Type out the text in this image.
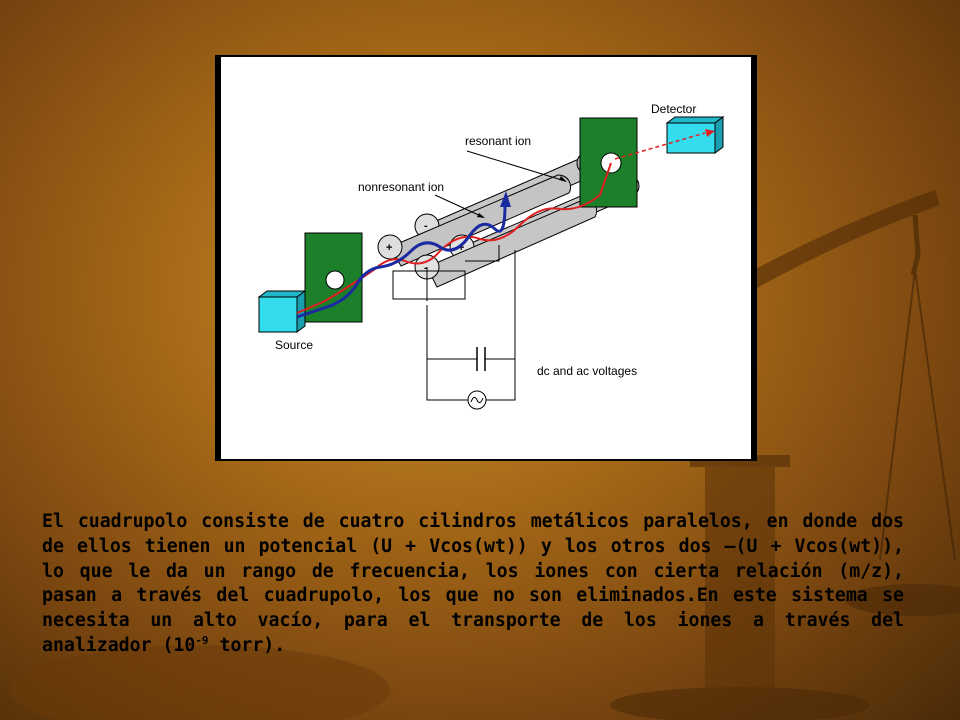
Source
-
+	+
-
Detector
resonant ion
nonresonant ion
dc and ac voltages

El cuadrupolo consiste de cuatro cilindros metálicos paralelos, en donde dos de ellos tienen un potencial (U + Vcos(wt)) y los otros dos –(U + Vcos(wt)), lo que le da un rango de frecuencia, los iones con cierta relación (m/z), pasan a través del cuadrupolo, los que no son eliminados.En este sistema se necesita un alto vacío, para el transporte de los iones a través del analizador ($10^{-9}$ torr).
